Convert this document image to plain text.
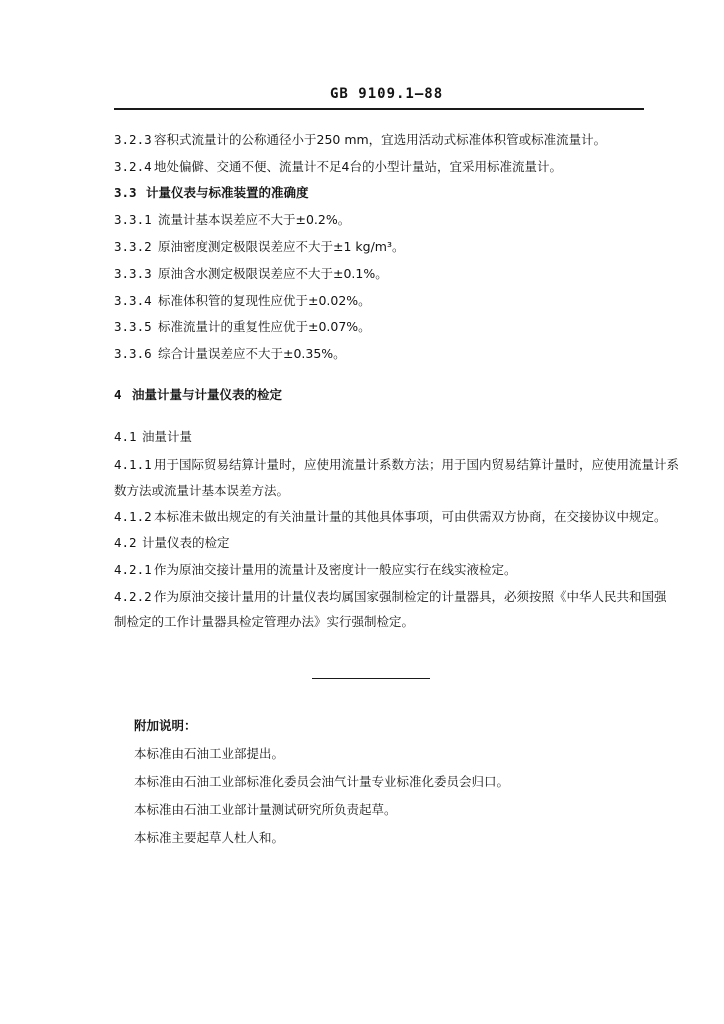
GB 9109.1—88
3.2.3 容积式流量计的公称通径小于250 mm，宜选用活动式标准体积管或标准流量计。
3.2.4 地处偏僻、交通不便、流量计不足4台的小型计量站，宜采用标准流量计。
3.3 计量仪表与标准装置的准确度
3.3.1 流量计基本误差应不大于±0.2%。
3.3.2 原油密度测定极限误差应不大于±1 kg/m³。
3.3.3 原油含水测定极限误差应不大于±0.1%。
3.3.4 标准体积管的复现性应优于±0.02%。
3.3.5 标准流量计的重复性应优于±0.07%。
3.3.6 综合计量误差应不大于±0.35%。
4 油量计量与计量仪表的检定
4.1 油量计量
4.1.1 用于国际贸易结算计量时，应使用流量计系数方法；用于国内贸易结算计量时，应使用流量计系
数方法或流量计基本误差方法。
4.1.2 本标准未做出规定的有关油量计量的其他具体事项，可由供需双方协商，在交接协议中规定。
4.2 计量仪表的检定
4.2.1 作为原油交接计量用的流量计及密度计一般应实行在线实液检定。
4.2.2 作为原油交接计量用的计量仪表均属国家强制检定的计量器具，必须按照《中华人民共和国强
制检定的工作计量器具检定管理办法》实行强制检定。
附加说明：
本标准由石油工业部提出。
本标准由石油工业部标准化委员会油气计量专业标准化委员会归口。
本标准由石油工业部计量测试研究所负责起草。
本标准主要起草人杜人和。
